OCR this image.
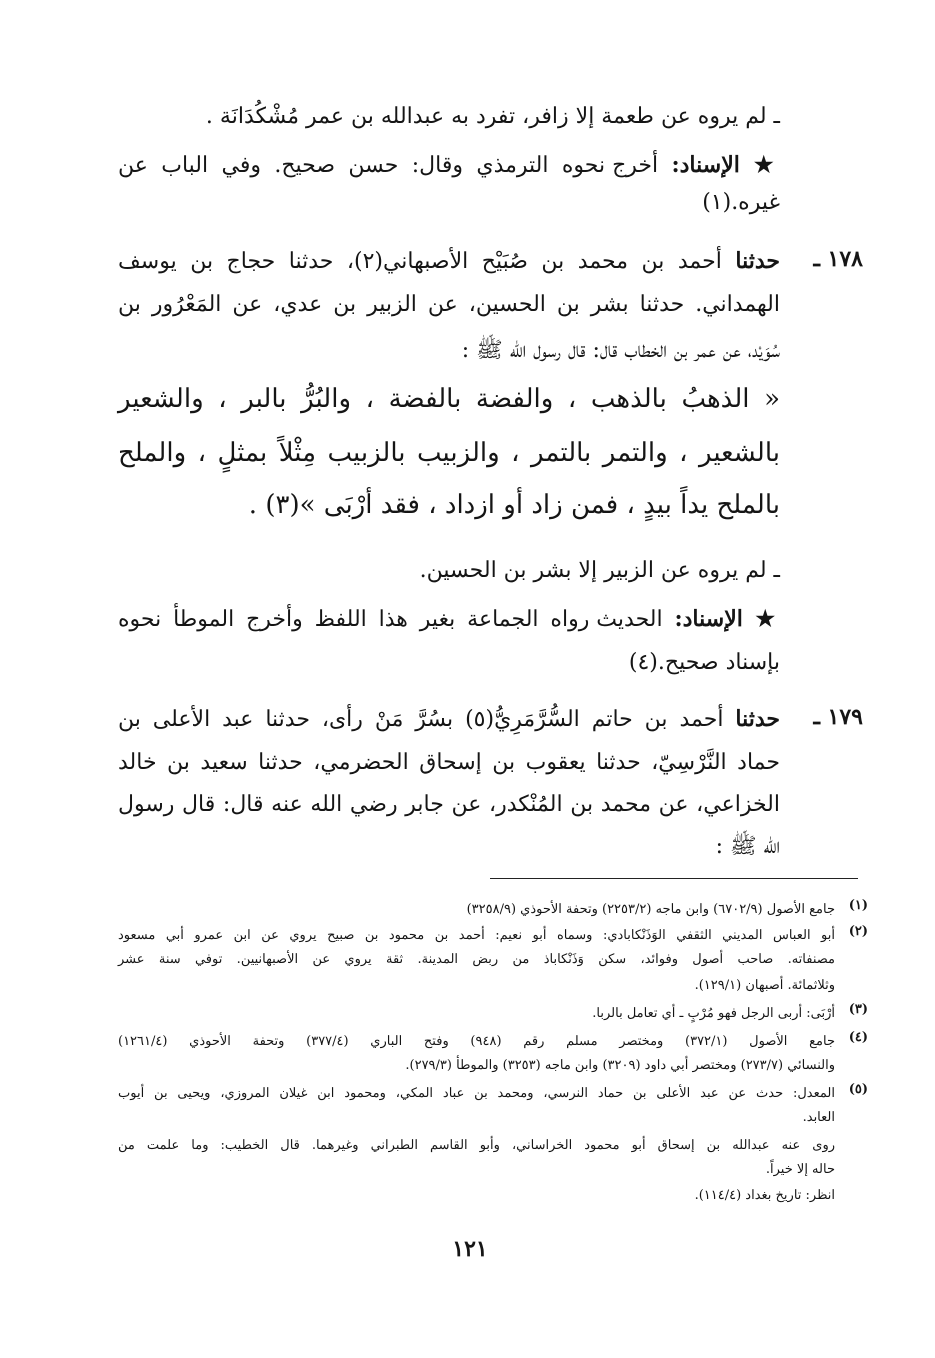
ـ لم يروه عن طعمة إلا زافر، تفرد به عبدالله بن عمر مُشْكُدَانَة .
★ الإسناد: أخرج نحوه الترمذي وقال: حسن صحيح. وفي الباب عن
غيره.(١)
١٧٨ ـ
حدثنا أحمد بن محمد بن صُبَيْح الأصبهاني(٢)، حدثنا حجاج بن يوسف
الهمداني. حدثنا بشر بن الحسين، عن الزبير بن عدي، عن المَعْرُور بن
سُوَيْد، عن عمر بن الخطاب قال: قال رسول الله ﷺ :
« الذهبُ بالذهب ، والفضة بالفضة ، والبُرُّ بالبر ، والشعير
بالشعير ، والتمر بالتمر ، والزبيب بالزبيب مِثْلاً بمثلٍ ، والملح
بالملح يداً بيدٍ ، فمن زاد أو ازداد ، فقد أرْبَى »(٣) .
ـ لم يروه عن الزبير إلا بشر بن الحسين.
★ الإسناد: الحديث رواه الجماعة بغير هذا اللفظ وأخرج الموطأ نحوه
بإسناد صحيح.(٤)
١٧٩ ـ
حدثنا أحمد بن حاتم السُّرَّمَرِيُّ(٥) بسُرَّ مَنْ رأى، حدثنا عبد الأعلى بن
حماد النَّرْسِيّ، حدثنا يعقوب بن إسحاق الحضرمي، حدثنا سعيد بن خالد
الخزاعي، عن محمد بن المُنْكدر، عن جابر رضي الله عنه قال: قال رسول
الله ﷺ :
(١)
جامع الأصول (٦٧٠٢/٩) وابن ماجه (٢٢٥٣/٢) وتحفة الأحوذي (٣٢٥٨/٩)
(٢)
أبو العباس المديني الثقفي الوَذَنْكابادي: وسماه أبو نعيم: أحمد بن محمود بن صبيح يروي عن ابن عمرو أبي مسعود
مصنفاته. صاحب أصول وفوائد، سكن وَذَنْكاباذ من ربض المدينة. ثقة يروي عن الأصبهانيين. توفي سنة عشر
وثلاثمائة. أصبهان (١٢٩/١).
(٣)
أرْبَى: أربى الرجل فهو مُرْبٍ ـ أي تعامل بالربا.
(٤)
جامع الأصول (٣٧٢/١) ومختصر مسلم رقم (٩٤٨) وفتح الباري (٣٧٧/٤) وتحفة الأحوذي (١٢٦١/٤)
والنسائي (٢٧٣/٧) ومختصر أبي داود (٣٢٠٩) وابن ماجه (٣٢٥٣) والموطأ (٢٧٩/٣).
(٥)
المعدل: حدث عن عبد الأعلى بن حماد النرسي، ومحمد بن عباد المكي، ومحمود ابن غيلان المروزي، ويحيى بن أيوب
العابد.
روى عنه عبدالله بن إسحاق أبو محمود الخراساني، وأبو القاسم الطبراني وغيرهما. قال الخطيب: وما علمت من
حاله إلا خيراً.
انظر: تاريخ بغداد (١١٤/٤).
١٢١
